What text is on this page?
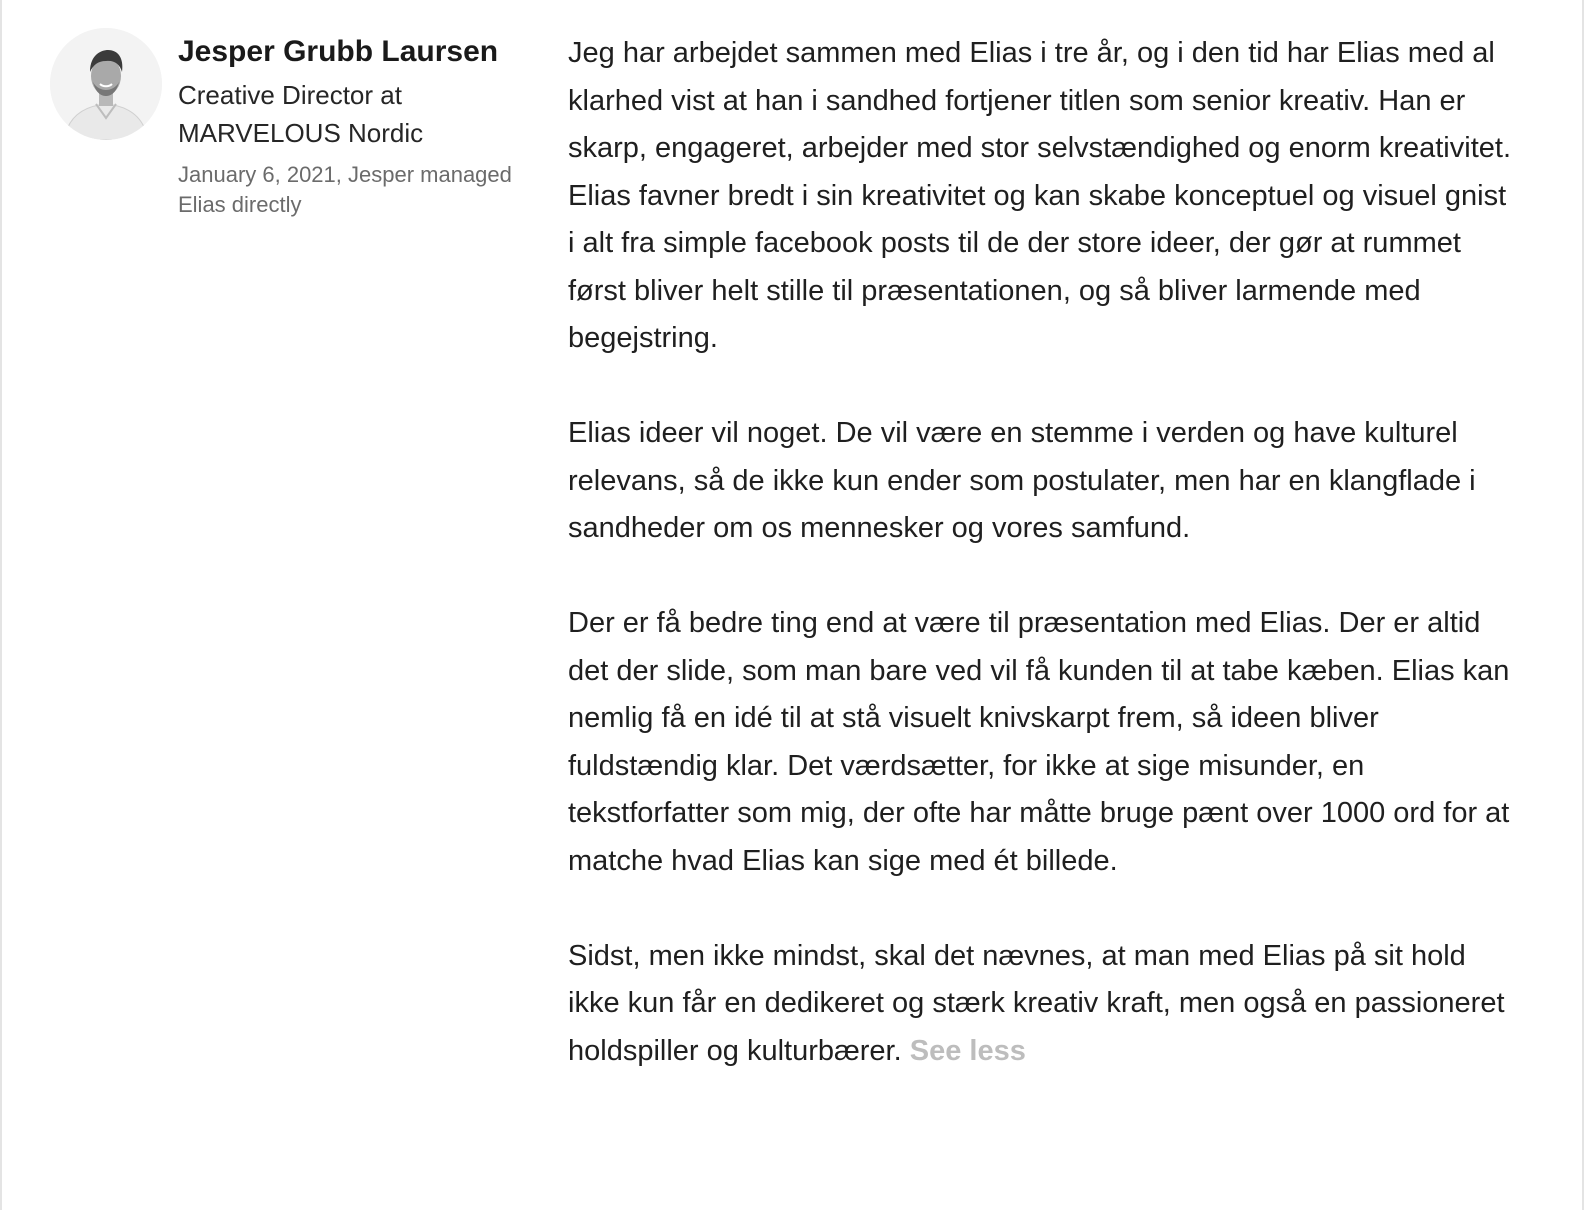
Jesper Grubb Laursen
Creative Director at MARVELOUS Nordic
January 6, 2021, Jesper managed Elias directly

Jeg har arbejdet sammen med Elias i tre år, og i den tid har Elias med al klarhed vist at han i sandhed fortjener titlen som senior kreativ. Han er skarp, engageret, arbejder med stor selvstændighed og enorm kreativitet. Elias favner bredt i sin kreativitet og kan skabe konceptuel og visuel gnist i alt fra simple facebook posts til de der store ideer, der gør at rummet først bliver helt stille til præsentationen, og så bliver larmende med begejstring.

Elias ideer vil noget. De vil være en stemme i verden og have kulturel relevans, så de ikke kun ender som postulater, men har en klangflade i sandheder om os mennesker og vores samfund.

Der er få bedre ting end at være til præsentation med Elias. Der er altid det der slide, som man bare ved vil få kunden til at tabe kæben. Elias kan nemlig få en idé til at stå visuelt knivskarpt frem, så ideen bliver fuldstændig klar. Det værdsætter, for ikke at sige misunder, en tekstforfatter som mig, der ofte har måtte bruge pænt over 1000 ord for at matche hvad Elias kan sige med ét billede.

Sidst, men ikke mindst, skal det nævnes, at man med Elias på sit hold ikke kun får en dedikeret og stærk kreativ kraft, men også en passioneret holdspiller og kulturbærer. See less
